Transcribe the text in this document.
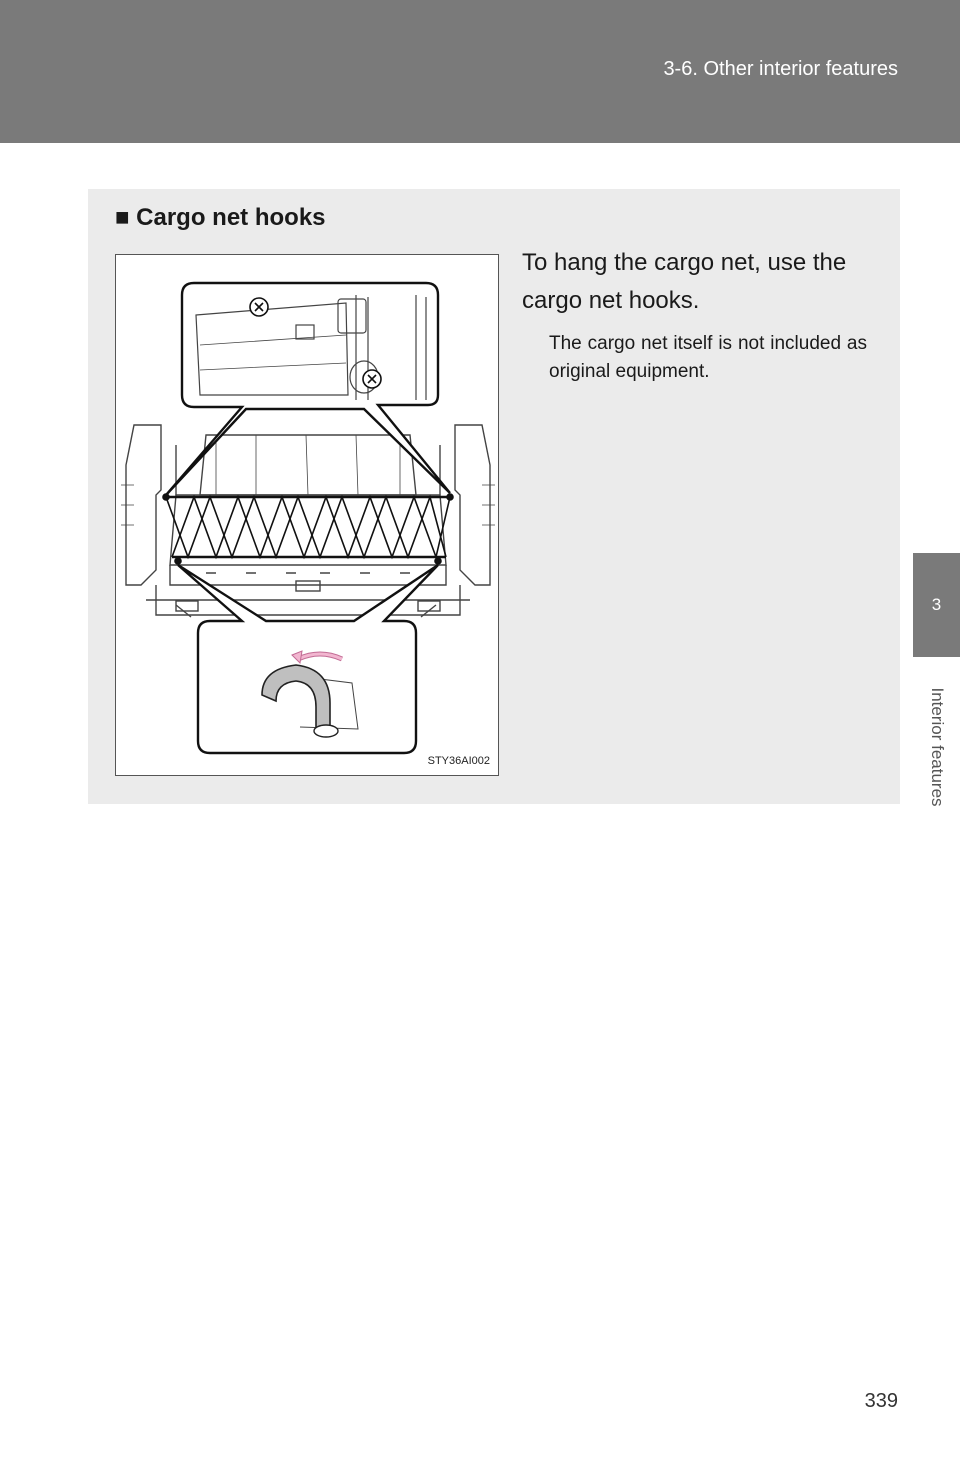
3-6. Other interior features
3
Interior features
■ Cargo net hooks
STY36AI002
To hang the cargo net, use the cargo net hooks.
The cargo net itself is not included as original equipment.
339
